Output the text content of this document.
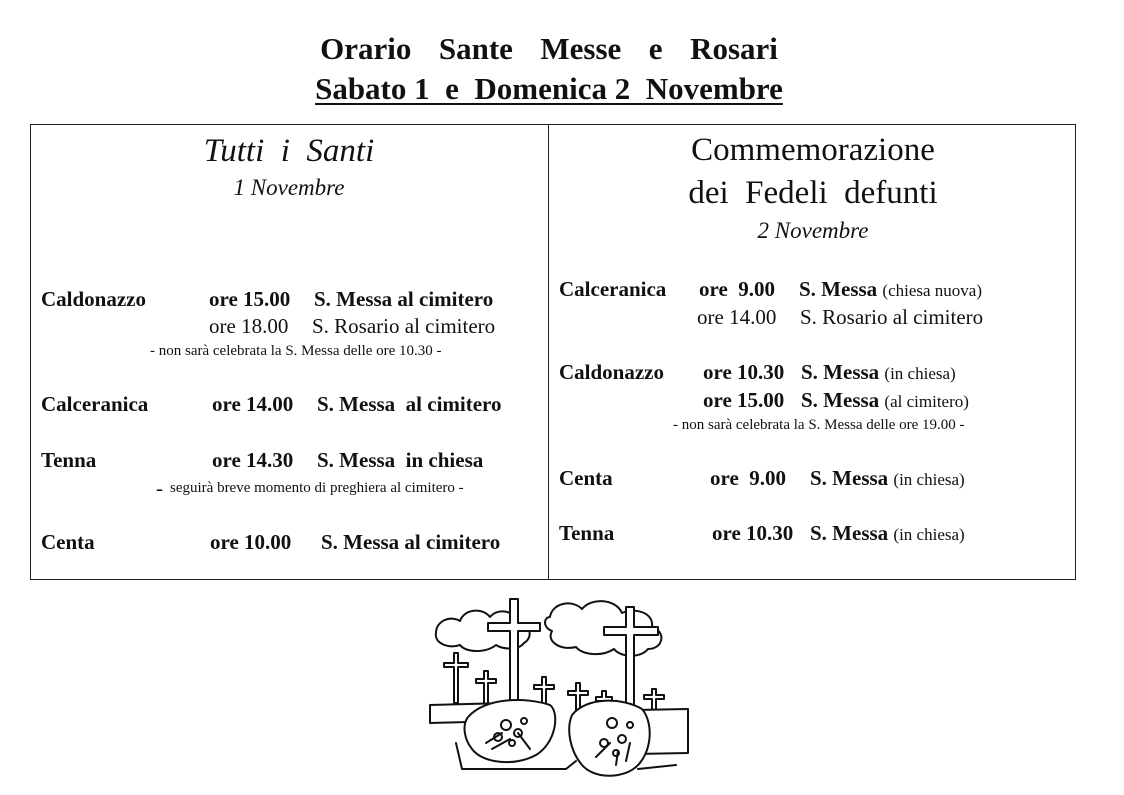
Orario  Sante  Messe  e  Rosari
Sabato 1  e  Domenica 2  Novembre
Tutti  i  Santi
1 Novembre
Caldonazzo	ore 15.00 S. Messa al cimitero
ore 18.00 S. Rosario al cimitero
- non sarà celebrata la S. Messa delle ore 10.30 -
Calceranica	ore 14.00 S. Messa  al cimitero
Tenna	ore 14.30 S. Messa  in chiesa
- seguirà breve momento di preghiera al cimitero -
Centa	ore 10.00 S. Messa al cimitero
Commemorazione
dei  Fedeli  defunti
2 Novembre
Calceranica ore  9.00 S. Messa (chiesa nuova)
ore 14.00 S. Rosario al cimitero
Caldonazzo ore 10.30 S. Messa (in chiesa)
ore 15.00 S. Messa (al cimitero)
- non sarà celebrata la S. Messa delle ore 19.00 -
Centa	ore  9.00 S. Messa (in chiesa)
Tenna	ore 10.30 S. Messa (in chiesa)
